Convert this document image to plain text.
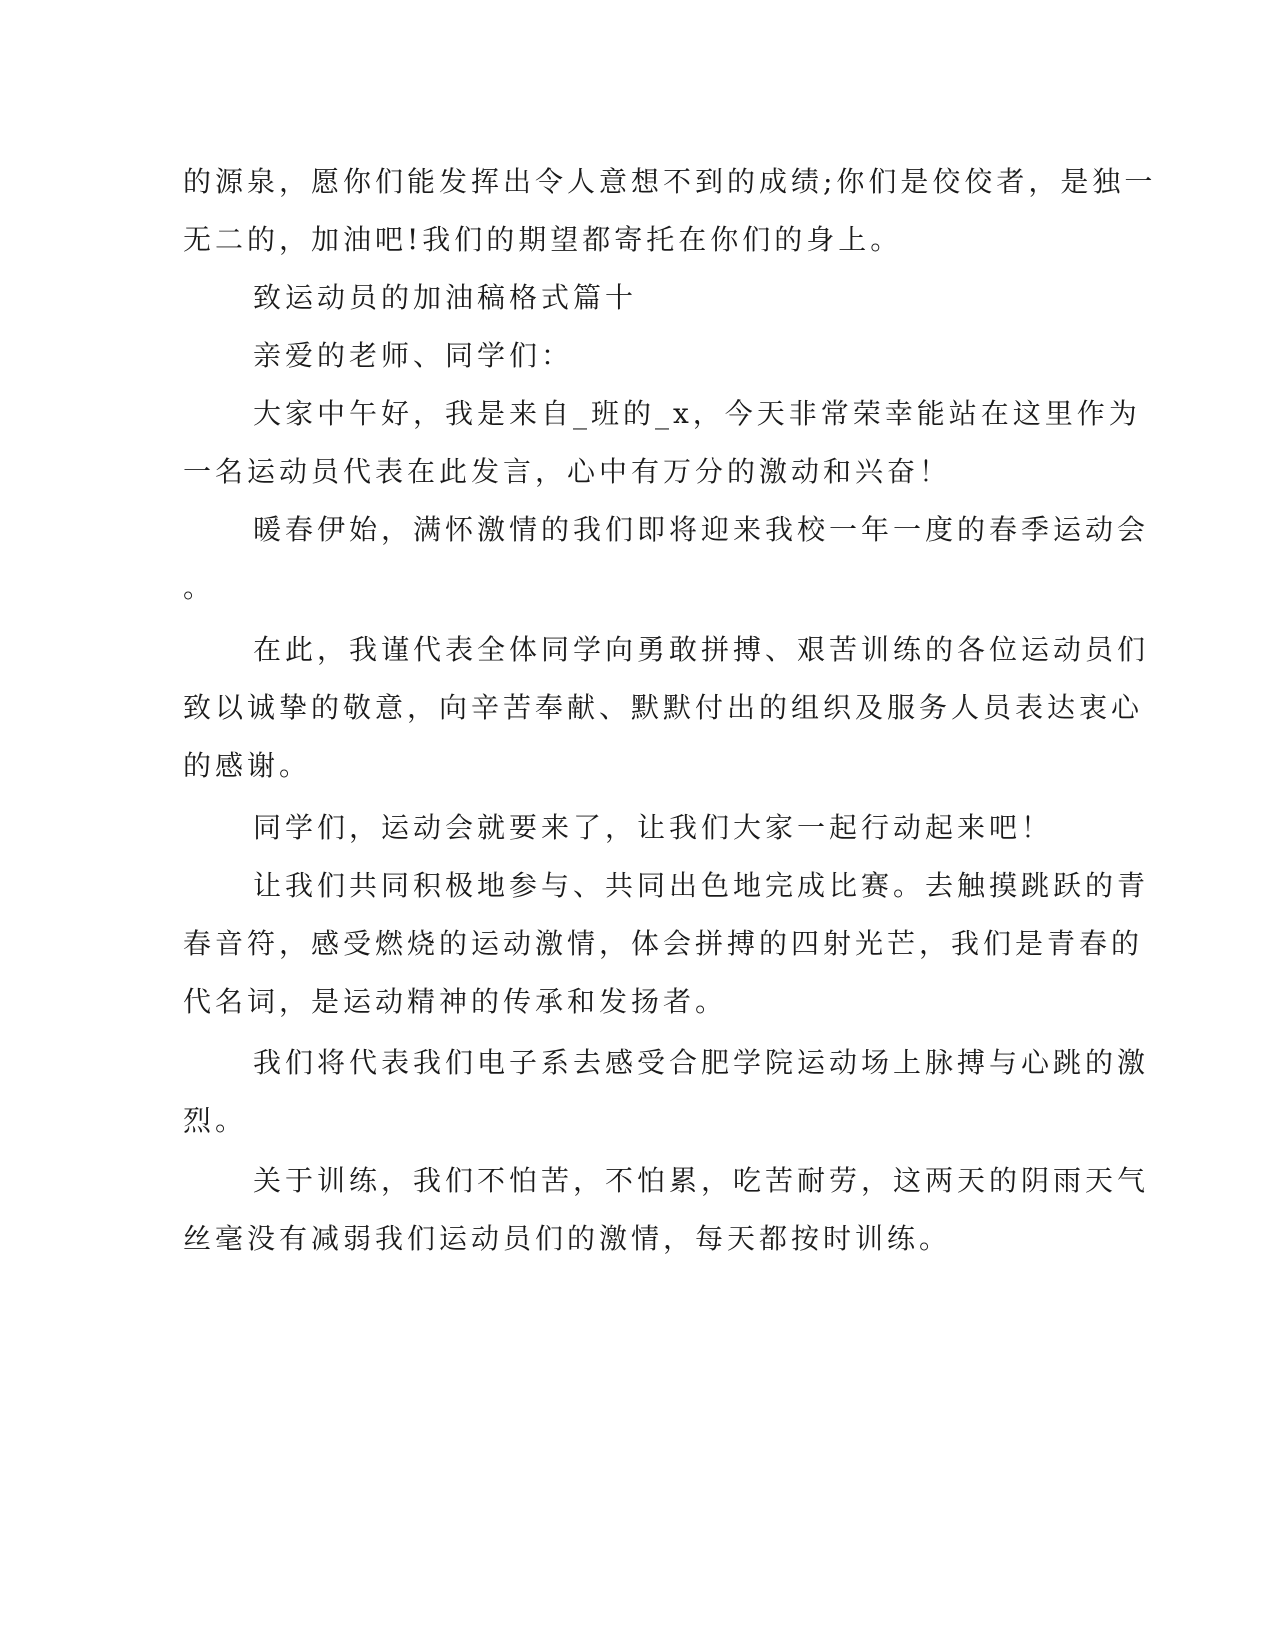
的源泉，愿你们能发挥出令人意想不到的成绩;你们是佼佼者，是独一
无二的，加油吧!我们的期望都寄托在你们的身上。
致运动员的加油稿格式篇十
亲爱的老师、同学们：
大家中午好，我是来自_班的_x，今天非常荣幸能站在这里作为
一名运动员代表在此发言，心中有万分的激动和兴奋！
暖春伊始，满怀激情的我们即将迎来我校一年一度的春季运动会
。
在此，我谨代表全体同学向勇敢拼搏、艰苦训练的各位运动员们
致以诚挚的敬意，向辛苦奉献、默默付出的组织及服务人员表达衷心
的感谢。
同学们，运动会就要来了，让我们大家一起行动起来吧！
让我们共同积极地参与、共同出色地完成比赛。去触摸跳跃的青
春音符，感受燃烧的运动激情，体会拼搏的四射光芒，我们是青春的
代名词，是运动精神的传承和发扬者。
我们将代表我们电子系去感受合肥学院运动场上脉搏与心跳的激
烈。
关于训练，我们不怕苦，不怕累，吃苦耐劳，这两天的阴雨天气
丝毫没有减弱我们运动员们的激情，每天都按时训练。
